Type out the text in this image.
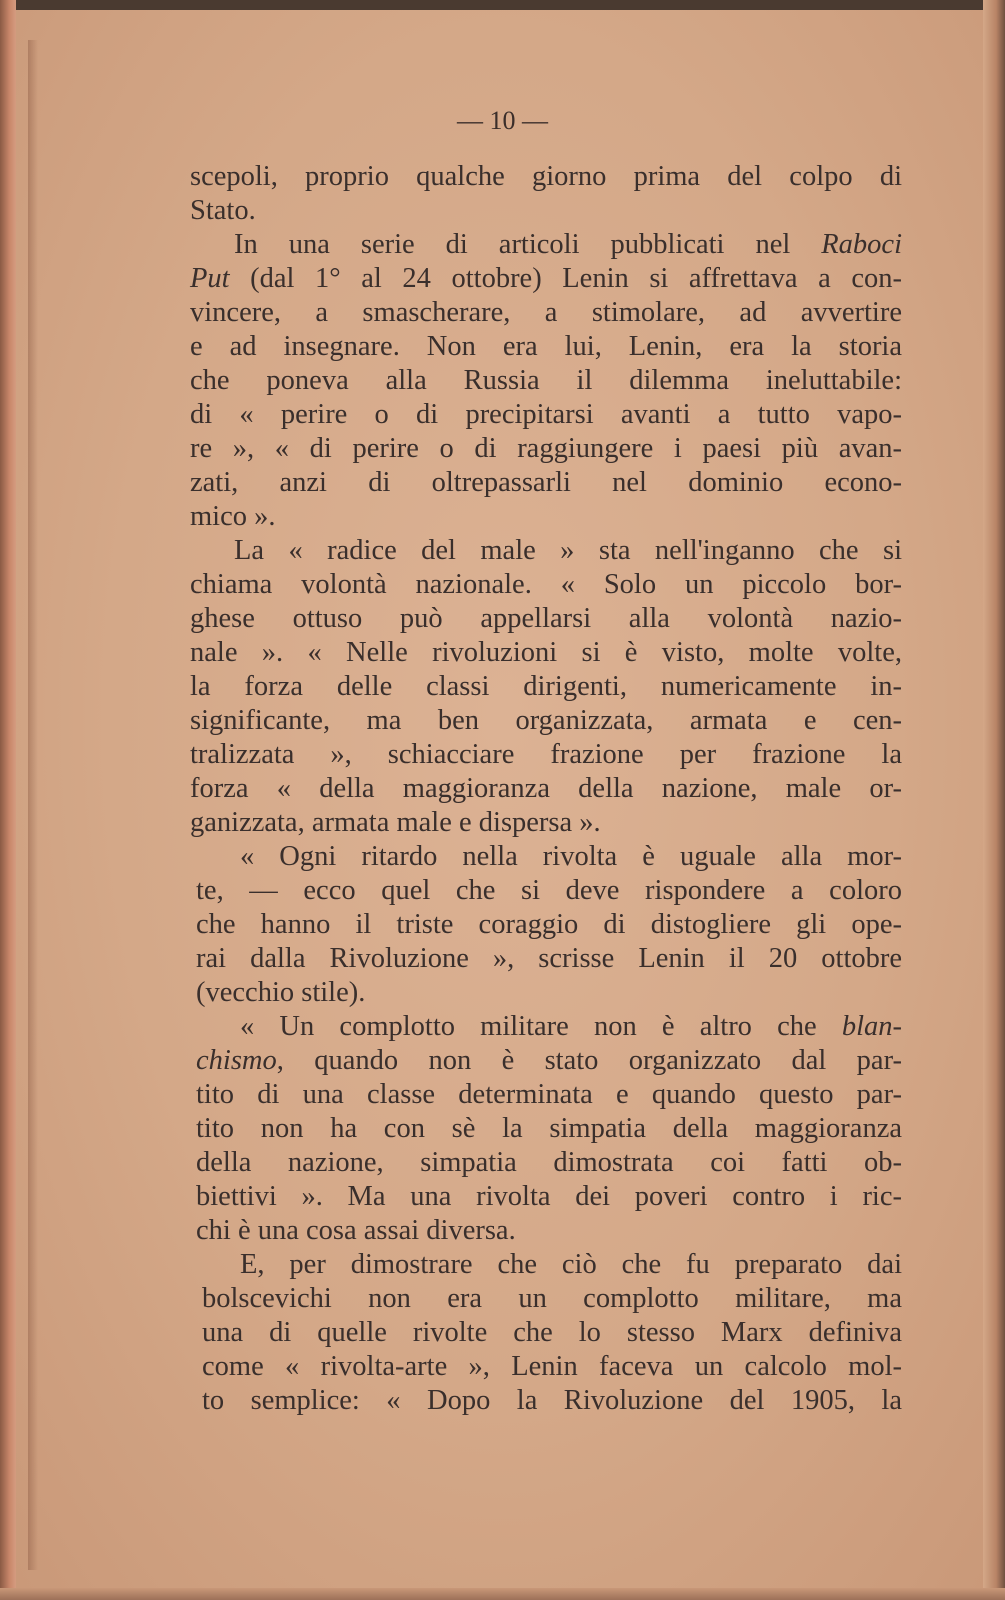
— 10 —
scepoli, proprio qualche giorno prima del colpo di
Stato.
In una serie di articoli pubblicati nel Raboci
Put (dal 1° al 24 ottobre) Lenin si affrettava a con-
vincere, a smascherare, a stimolare, ad avvertire
e ad insegnare. Non era lui, Lenin, era la storia
che poneva alla Russia il dilemma ineluttabile:
di « perire o di precipitarsi avanti a tutto vapo-
re », « di perire o di raggiungere i paesi più avan-
zati, anzi di oltrepassarli nel dominio econo-
mico ».
La « radice del male » sta nell'inganno che si
chiama volontà nazionale. « Solo un piccolo bor-
ghese ottuso può appellarsi alla volontà nazio-
nale ». « Nelle rivoluzioni si è visto, molte volte,
la forza delle classi dirigenti, numericamente in-
significante, ma ben organizzata, armata e cen-
tralizzata », schiacciare frazione per frazione la
forza « della maggioranza della nazione, male or-
ganizzata, armata male e dispersa ».
« Ogni ritardo nella rivolta è uguale alla mor-
te, — ecco quel che si deve rispondere a coloro
che hanno il triste coraggio di distogliere gli ope-
rai dalla Rivoluzione », scrisse Lenin il 20 ottobre
(vecchio stile).
« Un complotto militare non è altro che blan-
chismo, quando non è stato organizzato dal par-
tito di una classe determinata e quando questo par-
tito non ha con sè la simpatia della maggioranza
della nazione, simpatia dimostrata coi fatti ob-
biettivi ». Ma una rivolta dei poveri contro i ric-
chi è una cosa assai diversa.
E, per dimostrare che ciò che fu preparato dai
bolscevichi non era un complotto militare, ma
una di quelle rivolte che lo stesso Marx definiva
come « rivolta-arte », Lenin faceva un calcolo mol-
to semplice: « Dopo la Rivoluzione del 1905, la
